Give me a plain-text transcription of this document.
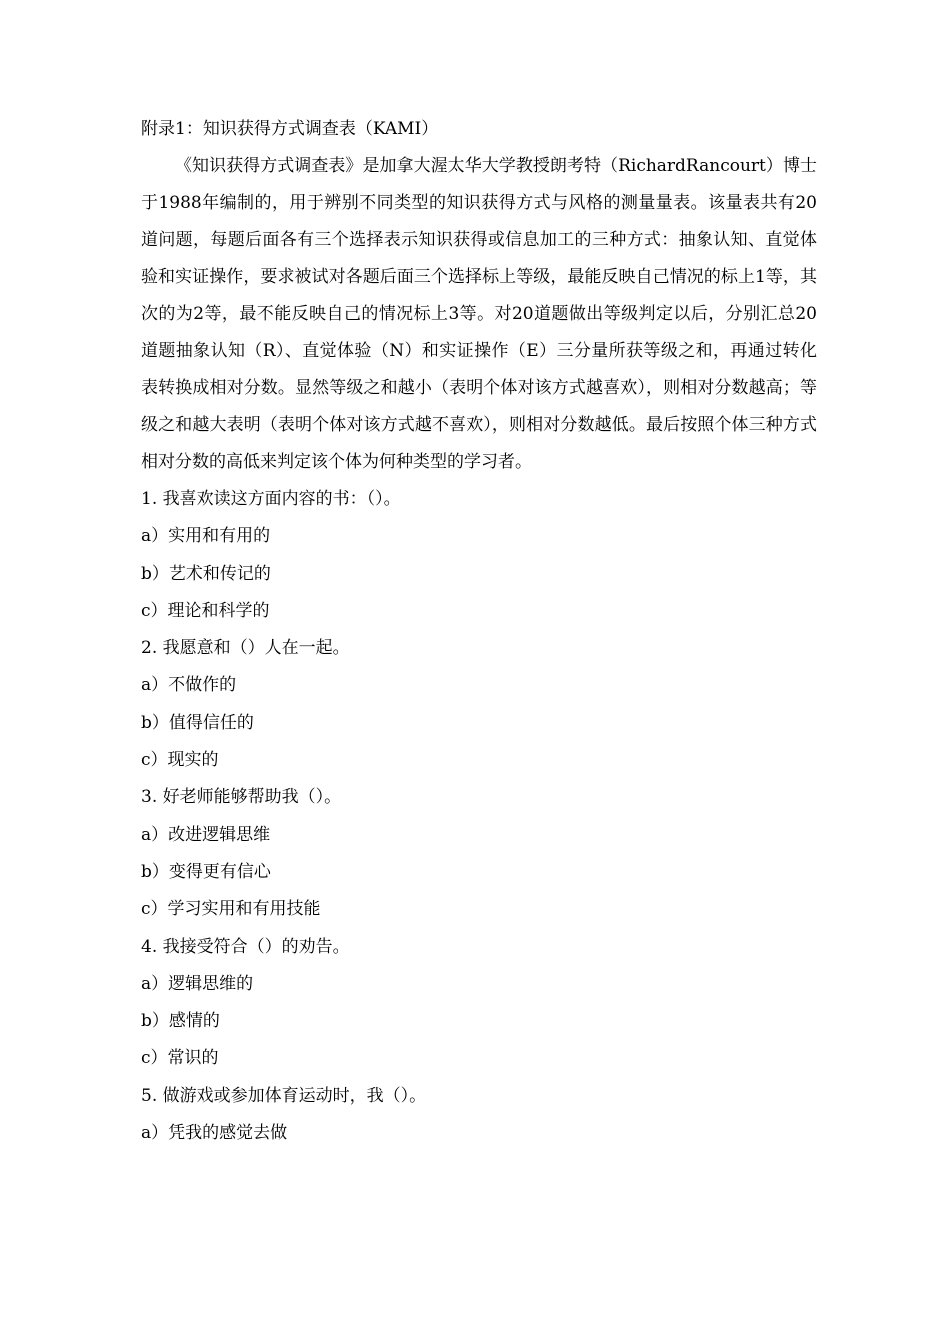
附录1：知识获得方式调查表（KAMI）

《知识获得方式调查表》是加拿大渥太华大学教授朗考特（RichardRancourt）博士于1988年编制的，用于辨别不同类型的知识获得方式与风格的测量量表。该量表共有20道问题，每题后面各有三个选择表示知识获得或信息加工的三种方式：抽象认知、直觉体验和实证操作，要求被试对各题后面三个选择标上等级，最能反映自己情况的标上1等，其次的为2等，最不能反映自己的情况标上3等。对20道题做出等级判定以后，分别汇总20道题抽象认知（R）、直觉体验（N）和实证操作（E）三分量所获等级之和，再通过转化表转换成相对分数。显然等级之和越小（表明个体对该方式越喜欢），则相对分数越高；等级之和越大表明（表明个体对该方式越不喜欢），则相对分数越低。最后按照个体三种方式相对分数的高低来判定该个体为何种类型的学习者。

1. 我喜欢读这方面内容的书：（）。
a）实用和有用的
b）艺术和传记的
c）理论和科学的
2. 我愿意和（）人在一起。
a）不做作的
b）值得信任的
c）现实的
3. 好老师能够帮助我（）。
a）改进逻辑思维
b）变得更有信心
c）学习实用和有用技能
4. 我接受符合（）的劝告。
a）逻辑思维的
b）感情的
c）常识的
5. 做游戏或参加体育运动时，我（）。
a）凭我的感觉去做
